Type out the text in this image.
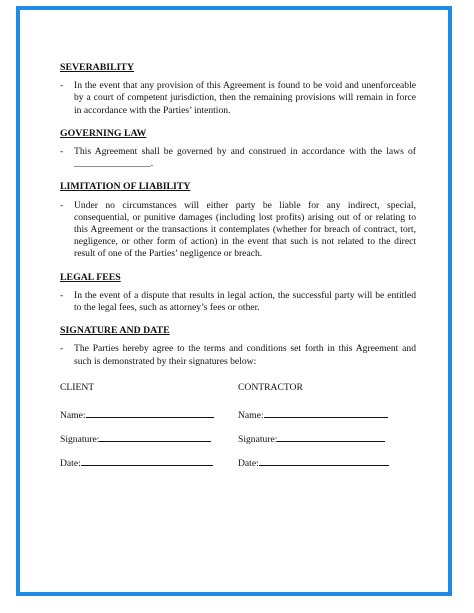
SEVERABILITY
-	In the event that any provision of this Agreement is found to be void and unenforceable by a court of competent jurisdiction, then the remaining provisions will remain in force in accordance with the Parties’ intention.
GOVERNING LAW
-	This Agreement shall be governed by and construed in accordance with the laws of ________________.
LIMITATION OF LIABILITY
-	Under no circumstances will either party be liable for any indirect, special, consequential, or punitive damages (including lost profits) arising out of or relating to this Agreement or the transactions it contemplates (whether for breach of contract, tort, negligence, or other form of action) in the event that such is not related to the direct result of one of the Parties’ negligence or breach.
LEGAL FEES
-	In the event of a dispute that results in legal action, the successful party will be entitled to the legal fees, such as attorney’s fees or other.
SIGNATURE AND DATE
-	The Parties hereby agree to the terms and conditions set forth in this Agreement and such is demonstrated by their signatures below:
CLIENT
Name:
Signature:
Date:
CONTRACTOR
Name:
Signature:
Date:
